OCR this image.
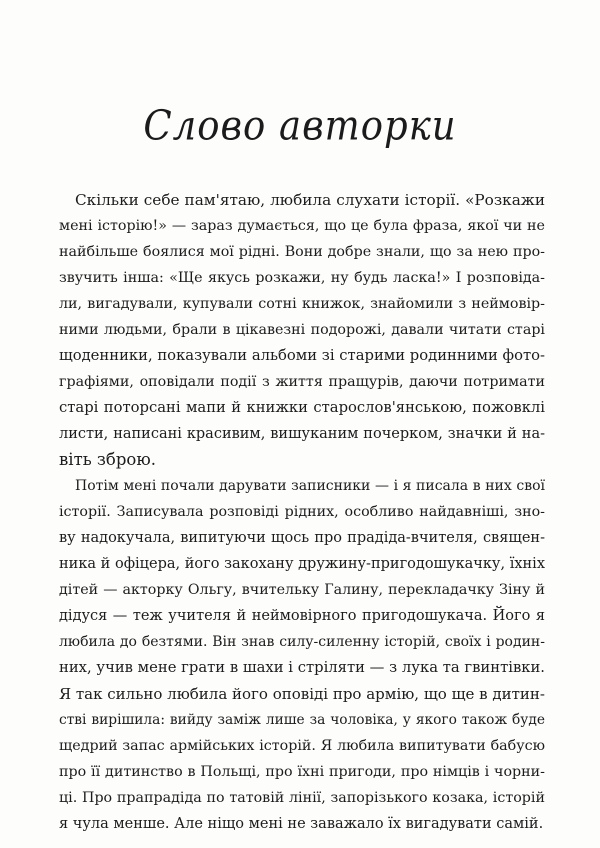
Слово авторки
Скільки себе пам'ятаю, любила слухати історії. «Розкажи
мені історію!» — зараз думається, що це була фраза, якої чи не
найбільше боялися мої рідні. Вони добре знали, що за нею про-
звучить інша: «Ще якусь розкажи, ну будь ласка!» І розповіда-
ли, вигадували, купували сотні книжок, знайомили з неймовір-
ними людьми, брали в цікавезні подорожі, давали читати старі
щоденники, показували альбоми зі старими родинними фото-
графіями, оповідали події з життя пращурів, даючи потримати
старі поторсані мапи й книжки старослов'янською, пожовклі
листи, написані красивим, вишуканим почерком, значки й на-
віть зброю.
Потім мені почали дарувати записники — і я писала в них свої
історії. Записувала розповіді рідних, особливо найдавніші, зно-
ву надокучала, випитуючи щось про прадіда-вчителя, священ-
ника й офіцера, його закохану дружину-пригодошукачку, їхніх
дітей — акторку Ольгу, вчительку Галину, перекладачку Зіну й
дідуся — теж учителя й неймовірного пригодошукача. Його я
любила до безтями. Він знав силу-силенну історій, своїх і родин-
них, учив мене грати в шахи і стріляти — з лука та гвинтівки.
Я так сильно любила його оповіді про армію, що ще в дитин-
стві вирішила: вийду заміж лише за чоловіка, у якого також буде
щедрий запас армійських історій. Я любила випитувати бабусю
про її дитинство в Польщі, про їхні пригоди, про німців і чорни-
ці. Про прапрадіда по татовій лінії, запорізького козака, історій
я чула менше. Але ніщо мені не заважало їх вигадувати самій.
